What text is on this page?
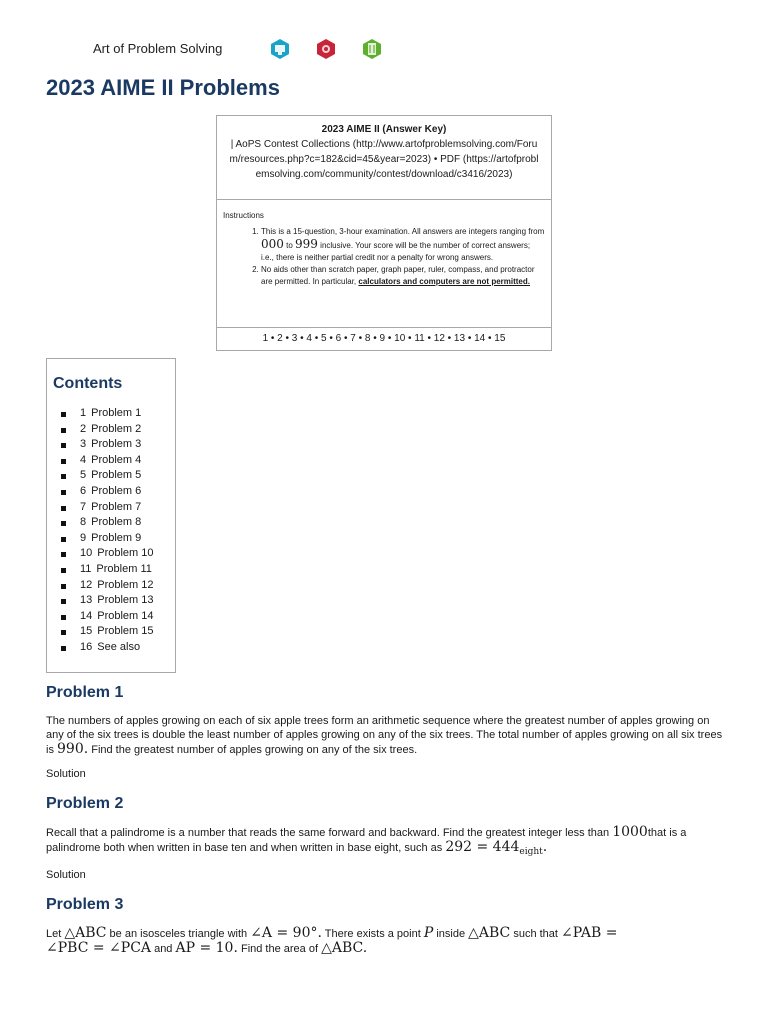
Art of Problem Solving
2023 AIME II Problems
2023 AIME II (Answer Key)
| AoPS Contest Collections (http://www.artofproblemsolving.com/Forum/resources.php?c=182&cid=45&year=2023) • PDF (https://artofproblemsolving.com/community/contest/download/c3416/2023)
Instructions
1. This is a 15-question, 3-hour examination. All answers are integers ranging from 000 to 999 inclusive. Your score will be the number of correct answers; i.e., there is neither partial credit nor a penalty for wrong answers.
2. No aids other than scratch paper, graph paper, ruler, compass, and protractor are permitted. In particular, calculators and computers are not permitted.
1 • 2 • 3 • 4 • 5 • 6 • 7 • 8 • 9 • 10 • 11 • 12 • 13 • 14 • 15
Contents
1 Problem 1
2 Problem 2
3 Problem 3
4 Problem 4
5 Problem 5
6 Problem 6
7 Problem 7
8 Problem 8
9 Problem 9
10 Problem 10
11 Problem 11
12 Problem 12
13 Problem 13
14 Problem 14
15 Problem 15
16 See also
Problem 1

The numbers of apples growing on each of six apple trees form an arithmetic sequence where the greatest number of apples growing on any of the six trees is double the least number of apples growing on any of the six trees. The total number of apples growing on all six trees is 990. Find the greatest number of apples growing on any of the six trees.

Solution
Problem 2

Recall that a palindrome is a number that reads the same forward and backward. Find the greatest integer less than 1000that is a palindrome both when written in base ten and when written in base eight, such as $292 = 444_{eight}$.

Solution
Problem 3

Let △ABC be an isosceles triangle with ∠A = 90°. There exists a point P inside △ABC such that ∠PAB = ∠PBC = ∠PCA and AP = 10. Find the area of △ABC.
